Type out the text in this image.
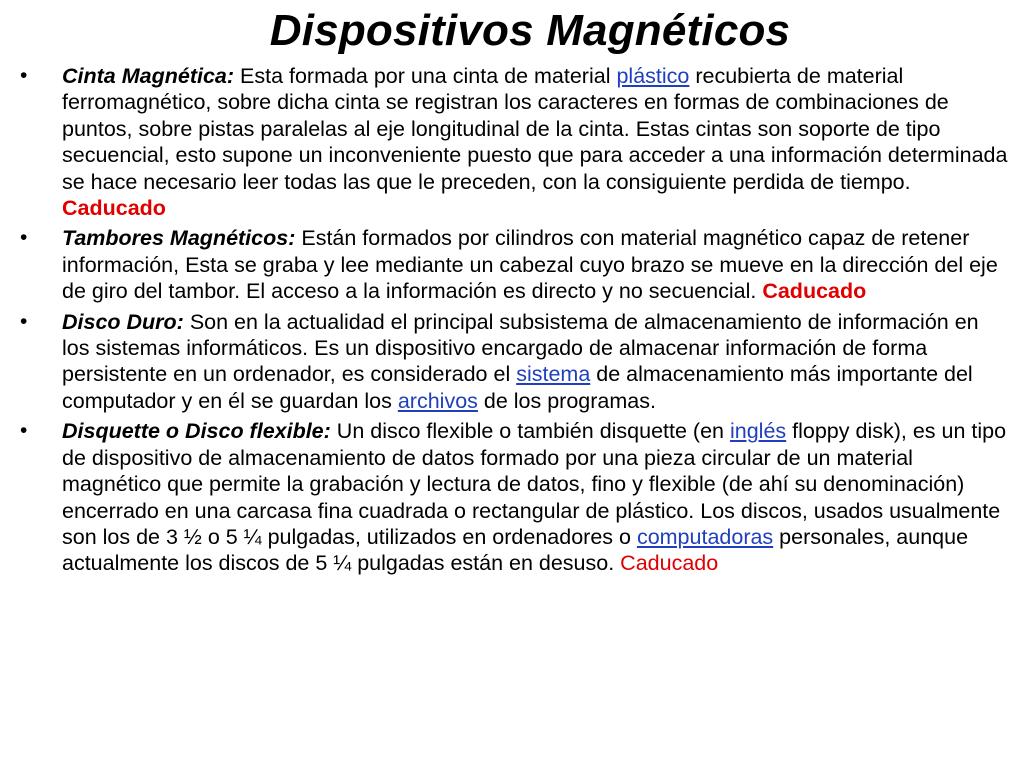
Dispositivos Magnéticos
• Cinta Magnética: Esta formada por una cinta de material plástico recubierta de material ferromagnético, sobre dicha cinta se registran los caracteres en formas de combinaciones de puntos, sobre pistas paralelas al eje longitudinal de la cinta. Estas cintas son soporte de tipo secuencial, esto supone un inconveniente puesto que para acceder a una información determinada se hace necesario leer todas las que le preceden, con la consiguiente perdida de tiempo. Caducado
• Tambores Magnéticos: Están formados por cilindros con material magnético capaz de retener información, Esta se graba y lee mediante un cabezal cuyo brazo se mueve en la dirección del eje de giro del tambor. El acceso a la información es directo y no secuencial. Caducado
• Disco Duro: Son en la actualidad el principal subsistema de almacenamiento de información en los sistemas informáticos. Es un dispositivo encargado de almacenar información de forma persistente en un ordenador, es considerado el sistema de almacenamiento más importante del computador y en él se guardan los archivos de los programas.
• Disquette o Disco flexible: Un disco flexible o también disquette (en inglés floppy disk), es un tipo de dispositivo de almacenamiento de datos formado por una pieza circular de un material magnético que permite la grabación y lectura de datos, fino y flexible (de ahí su denominación) encerrado en una carcasa fina cuadrada o rectangular de plástico. Los discos, usados usualmente son los de 3 ½ o 5 ¼ pulgadas, utilizados en ordenadores o computadoras personales, aunque actualmente los discos de 5 ¼ pulgadas están en desuso. Caducado
